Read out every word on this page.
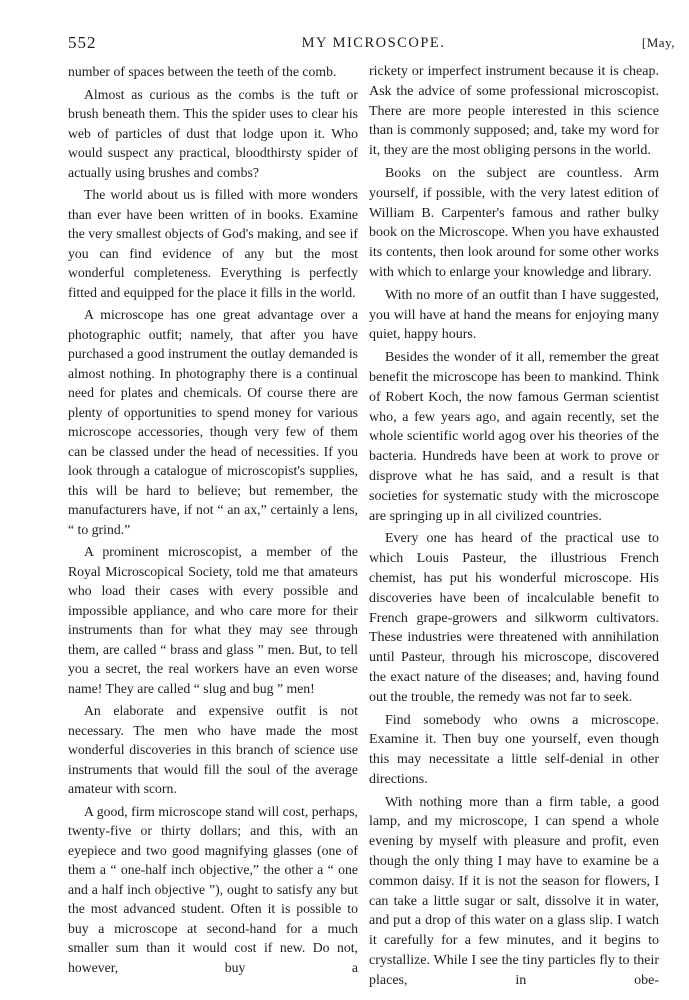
552	MY MICROSCOPE.	[May,

number of spaces between the teeth of the comb.

Almost as curious as the combs is the tuft or brush beneath them. This the spider uses to clear his web of particles of dust that lodge upon it. Who would suspect any practical, bloodthirsty spider of actually using brushes and combs?

The world about us is filled with more wonders than ever have been written of in books. Examine the very smallest objects of God's making, and see if you can find evidence of any but the most wonderful completeness. Everything is perfectly fitted and equipped for the place it fills in the world.

A microscope has one great advantage over a photographic outfit; namely, that after you have purchased a good instrument the outlay demanded is almost nothing. In photography there is a continual need for plates and chemicals. Of course there are plenty of opportunities to spend money for various microscope accessories, though very few of them can be classed under the head of necessities. If you look through a catalogue of microscopist's supplies, this will be hard to believe; but remember, the manufacturers have, if not “ an ax,” certainly a lens, “ to grind.”

A prominent microscopist, a member of the Royal Microscopical Society, told me that amateurs who load their cases with every possible and impossible appliance, and who care more for their instruments than for what they may see through them, are called “ brass and glass ” men. But, to tell you a secret, the real workers have an even worse name! They are called “ slug and bug ” men!

An elaborate and expensive outfit is not necessary. The men who have made the most wonderful discoveries in this branch of science use instruments that would fill the soul of the average amateur with scorn.

A good, firm microscope stand will cost, perhaps, twenty-five or thirty dollars; and this, with an eyepiece and two good magnifying glasses (one of them a “ one-half inch objective,” the other a “ one and a half inch objective ”), ought to satisfy any but the most advanced student. Often it is possible to buy a microscope at second-hand for a much smaller sum than it would cost if new. Do not, however, buy a

rickety or imperfect instrument because it is cheap. Ask the advice of some professional microscopist. There are more people interested in this science than is commonly supposed; and, take my word for it, they are the most obliging persons in the world.

Books on the subject are countless. Arm yourself, if possible, with the very latest edition of William B. Carpenter's famous and rather bulky book on the Microscope. When you have exhausted its contents, then look around for some other works with which to enlarge your knowledge and library.

With no more of an outfit than I have suggested, you will have at hand the means for enjoying many quiet, happy hours.

Besides the wonder of it all, remember the great benefit the microscope has been to mankind. Think of Robert Koch, the now famous German scientist who, a few years ago, and again recently, set the whole scientific world agog over his theories of the bacteria. Hundreds have been at work to prove or disprove what he has said, and a result is that societies for systematic study with the microscope are springing up in all civilized countries.

Every one has heard of the practical use to which Louis Pasteur, the illustrious French chemist, has put his wonderful microscope. His discoveries have been of incalculable benefit to French grape-growers and silkworm cultivators. These industries were threatened with annihilation until Pasteur, through his microscope, discovered the exact nature of the diseases; and, having found out the trouble, the remedy was not far to seek.

Find somebody who owns a microscope. Examine it. Then buy one yourself, even though this may necessitate a little self-denial in other directions.

With nothing more than a firm table, a good lamp, and my microscope, I can spend a whole evening by myself with pleasure and profit, even though the only thing I may have to examine be a common daisy. If it is not the season for flowers, I can take a little sugar or salt, dissolve it in water, and put a drop of this water on a glass slip. I watch it carefully for a few minutes, and it begins to crystallize. While I see the tiny particles fly to their places, in obe-
